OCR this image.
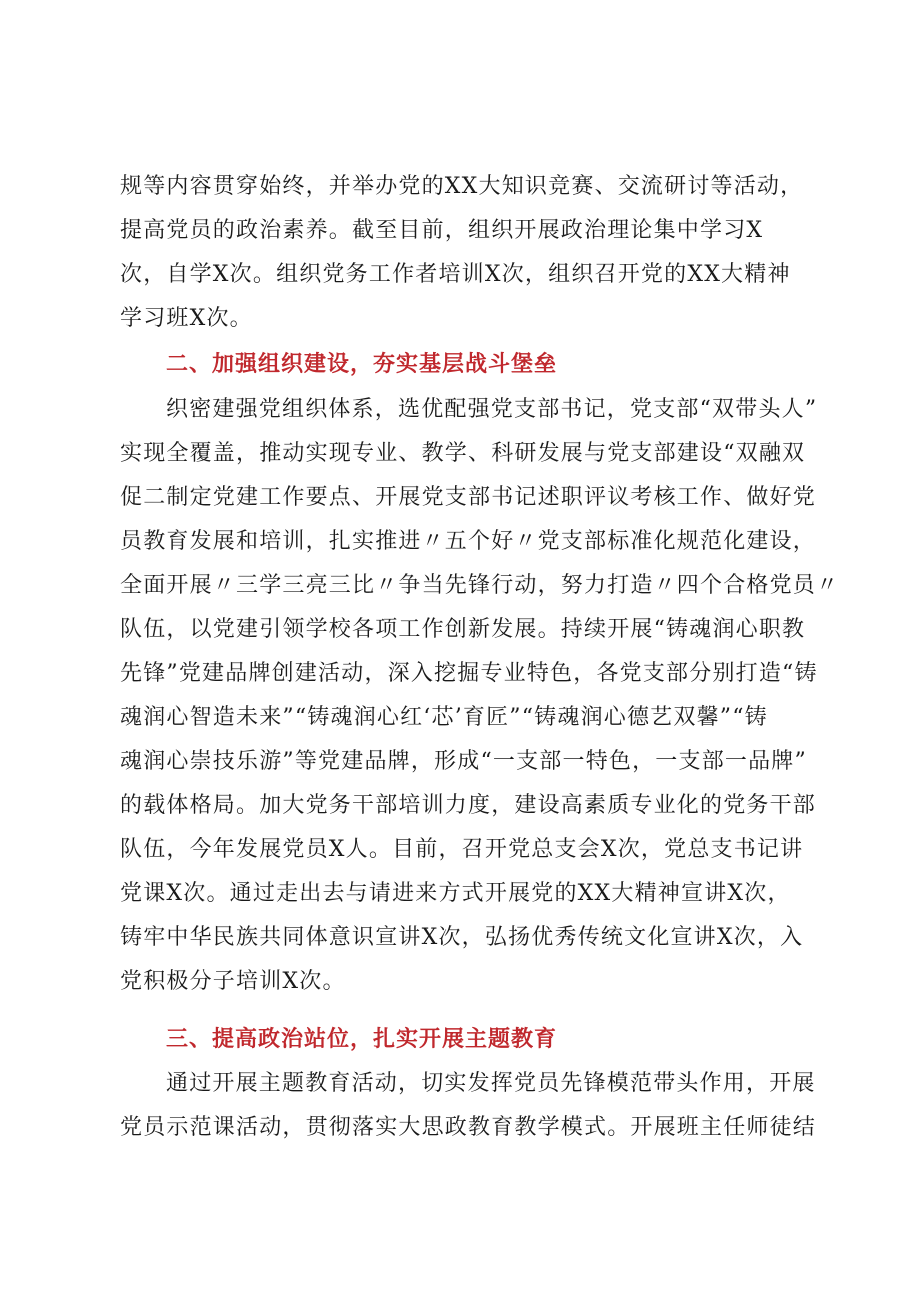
规等内容贯穿始终，并举办党的XX大知识竞赛、交流研讨等活动，
提高党员的政治素养。截至目前，组织开展政治理论集中学习X
次，自学X次。组织党务工作者培训X次，组织召开党的XX大精神
学习班X次。
二、加强组织建设，夯实基层战斗堡垒
织密建强党组织体系，选优配强党支部书记，党支部“双带头人”
实现全覆盖，推动实现专业、教学、科研发展与党支部建设“双融双
促二制定党建工作要点、开展党支部书记述职评议考核工作、做好党
员教育发展和培训，扎实推进〃五个好〃党支部标准化规范化建设，
全面开展〃三学三亮三比〃争当先锋行动，努力打造〃四个合格党员〃
队伍，以党建引领学校各项工作创新发展。持续开展“铸魂润心职教
先锋”党建品牌创建活动，深入挖掘专业特色，各党支部分别打造“铸
魂润心智造未来”“铸魂润心红‘芯’育匠”“铸魂润心德艺双馨”“铸
魂润心崇技乐游”等党建品牌，形成“一支部一特色，一支部一品牌”
的载体格局。加大党务干部培训力度，建设高素质专业化的党务干部
队伍，今年发展党员X人。目前，召开党总支会X次，党总支书记讲
党课X次。通过走出去与请进来方式开展党的XX大精神宣讲X次，
铸牢中华民族共同体意识宣讲X次，弘扬优秀传统文化宣讲X次，入
党积极分子培训X次。
三、提高政治站位，扎实开展主题教育
通过开展主题教育活动，切实发挥党员先锋模范带头作用，开展
党员示范课活动，贯彻落实大思政教育教学模式。开展班主任师徒结
